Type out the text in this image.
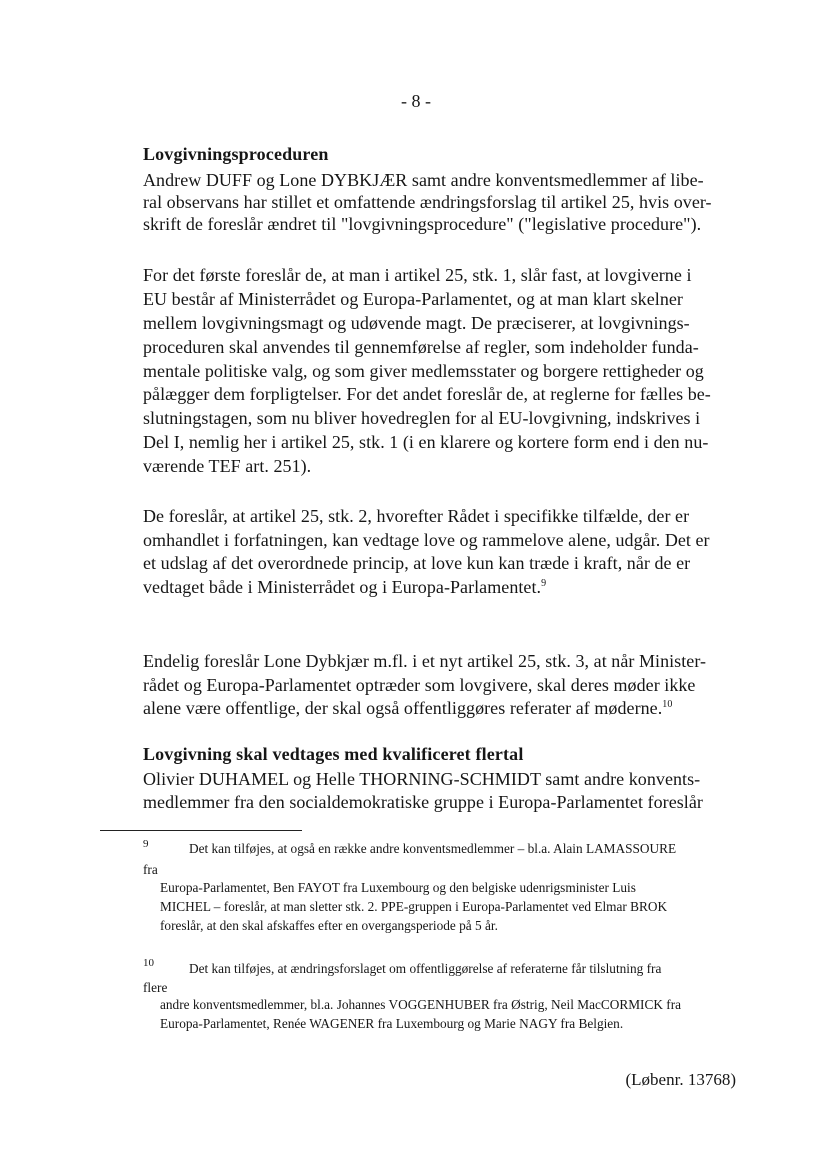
- 8 -
Lovgivningsproceduren
Andrew DUFF og Lone DYBKJÆR samt andre konventsmedlemmer af libe-
ral observans har stillet et omfattende ændringsforslag til artikel 25, hvis over-
skrift de foreslår ændret til "lovgivningsprocedure" ("legislative procedure").
For det første foreslår de, at man i artikel 25, stk. 1, slår fast, at lovgiverne i
EU består af Ministerrådet og Europa-Parlamentet, og at man klart skelner
mellem lovgivningsmagt og udøvende magt. De præciserer, at lovgivnings-
proceduren skal anvendes til gennemførelse af regler, som indeholder funda-
mentale politiske valg, og som giver medlemsstater og borgere rettigheder og
pålægger dem forpligtelser. For det andet foreslår de, at reglerne for fælles be-
slutningstagen, som nu bliver hovedreglen for al EU-lovgivning, indskrives i
Del I, nemlig her i artikel 25, stk. 1 (i en klarere og kortere form end i den nu-
værende TEF art. 251).
De foreslår, at artikel 25, stk. 2, hvorefter Rådet i specifikke tilfælde, der er
omhandlet i forfatningen, kan vedtage love og rammelove alene, udgår. Det er
et udslag af det overordnede princip, at love kun kan træde i kraft, når de er
vedtaget både i Ministerrådet og i Europa-Parlamentet.$^9$
Endelig foreslår Lone Dybkjær m.fl. i et nyt artikel 25, stk. 3, at når Minister-
rådet og Europa-Parlamentet optræder som lovgivere, skal deres møder ikke
alene være offentlige, der skal også offentliggøres referater af møderne.$^{10}$
Lovgivning skal vedtages med kvalificeret flertal
Olivier DUHAMEL og Helle THORNING-SCHMIDT samt andre konvents-
medlemmer fra den socialdemokratiske gruppe i Europa-Parlamentet foreslår
9	Det kan tilføjes, at også en række andre konventsmedlemmer – bl.a. Alain LAMASSOURE
fra
Europa-Parlamentet, Ben FAYOT fra Luxembourg og den belgiske udenrigsminister Luis
MICHEL – foreslår, at man sletter stk. 2. PPE-gruppen i Europa-Parlamentet ved Elmar BROK
foreslår, at den skal afskaffes efter en overgangsperiode på 5 år.
10	Det kan tilføjes, at ændringsforslaget om offentliggørelse af referaterne får tilslutning fra
flere
andre konventsmedlemmer, bl.a. Johannes VOGGENHUBER fra Østrig, Neil MacCORMICK fra
Europa-Parlamentet, Renée WAGENER fra Luxembourg og Marie NAGY fra Belgien.
(Løbenr. 13768)
